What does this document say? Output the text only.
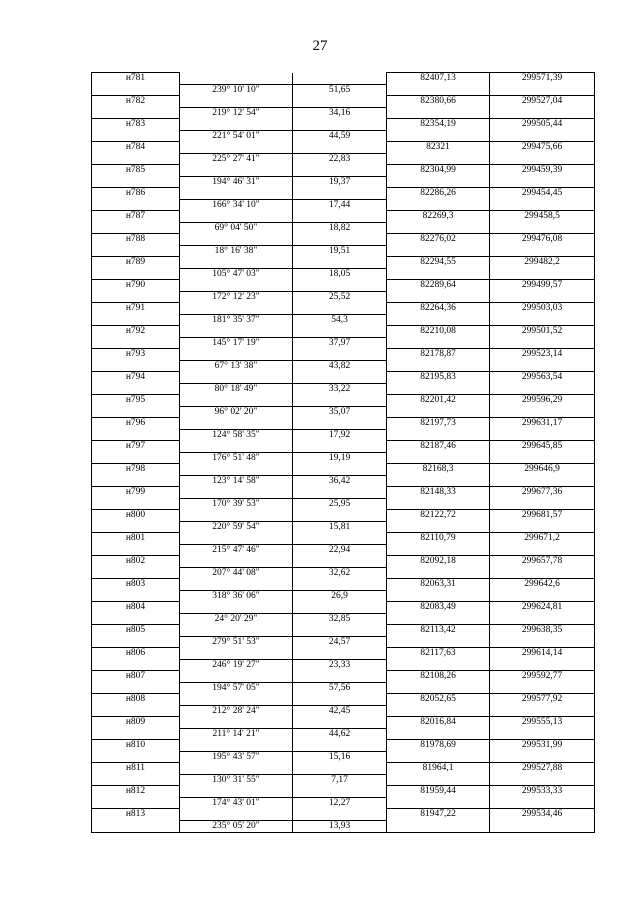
27
н781			82407,13	299571,39
	239° 10' 10"	51,65		
н782			82380,66	299527,04
	219° 12' 54"	34,16		
н783			82354,19	299505,44
	221° 54' 01"	44,59		
н784			82321	299475,66
	225° 27' 41"	22,83		
н785			82304,99	299459,39
	194° 46' 31"	19,37		
н786			82286,26	299454,45
	166° 34' 10"	17,44		
н787			82269,3	299458,5
	69° 04' 50"	18,82		
н788			82276,02	299476,08
	18° 16' 38"	19,51		
н789			82294,55	299482,2
	105° 47' 03"	18,05		
н790			82289,64	299499,57
	172° 12' 23"	25,52		
н791			82264,36	299503,03
	181° 35' 37"	54,3		
н792			82210,08	299501,52
	145° 17' 19"	37,97		
н793			82178,87	299523,14
	67° 13' 38"	43,82		
н794			82195,83	299563,54
	80° 18' 49"	33,22		
н795			82201,42	299596,29
	96° 02' 20"	35,07		
н796			82197,73	299631,17
	124° 58' 35"	17,92		
н797			82187,46	299645,85
	176° 51' 48"	19,19		
н798			82168,3	299646,9
	123° 14' 58"	36,42		
н799			82148,33	299677,36
	170° 39' 53"	25,95		
н800			82122,72	299681,57
	220° 59' 54"	15,81		
н801			82110,79	299671,2
	215° 47' 46"	22,94		
н802			82092,18	299657,78
	207° 44' 08"	32,62		
н803			82063,31	299642,6
	318° 36' 06"	26,9		
н804			82083,49	299624,81
	24° 20' 29"	32,85		
н805			82113,42	299638,35
	279° 51' 53"	24,57		
н806			82117,63	299614,14
	246° 19' 27"	23,33		
н807			82108,26	299592,77
	194° 57' 05"	57,56		
н808			82052,65	299577,92
	212° 28' 24"	42,45		
н809			82016,84	299555,13
	211° 14' 21"	44,62		
н810			81978,69	299531,99
	195° 43' 57"	15,16		
н811			81964,1	299527,88
	130° 31' 55"	7,17		
н812			81959,44	299533,33
	174° 43' 01"	12,27		
н813			81947,22	299534,46
	235° 05' 20"	13,93		
